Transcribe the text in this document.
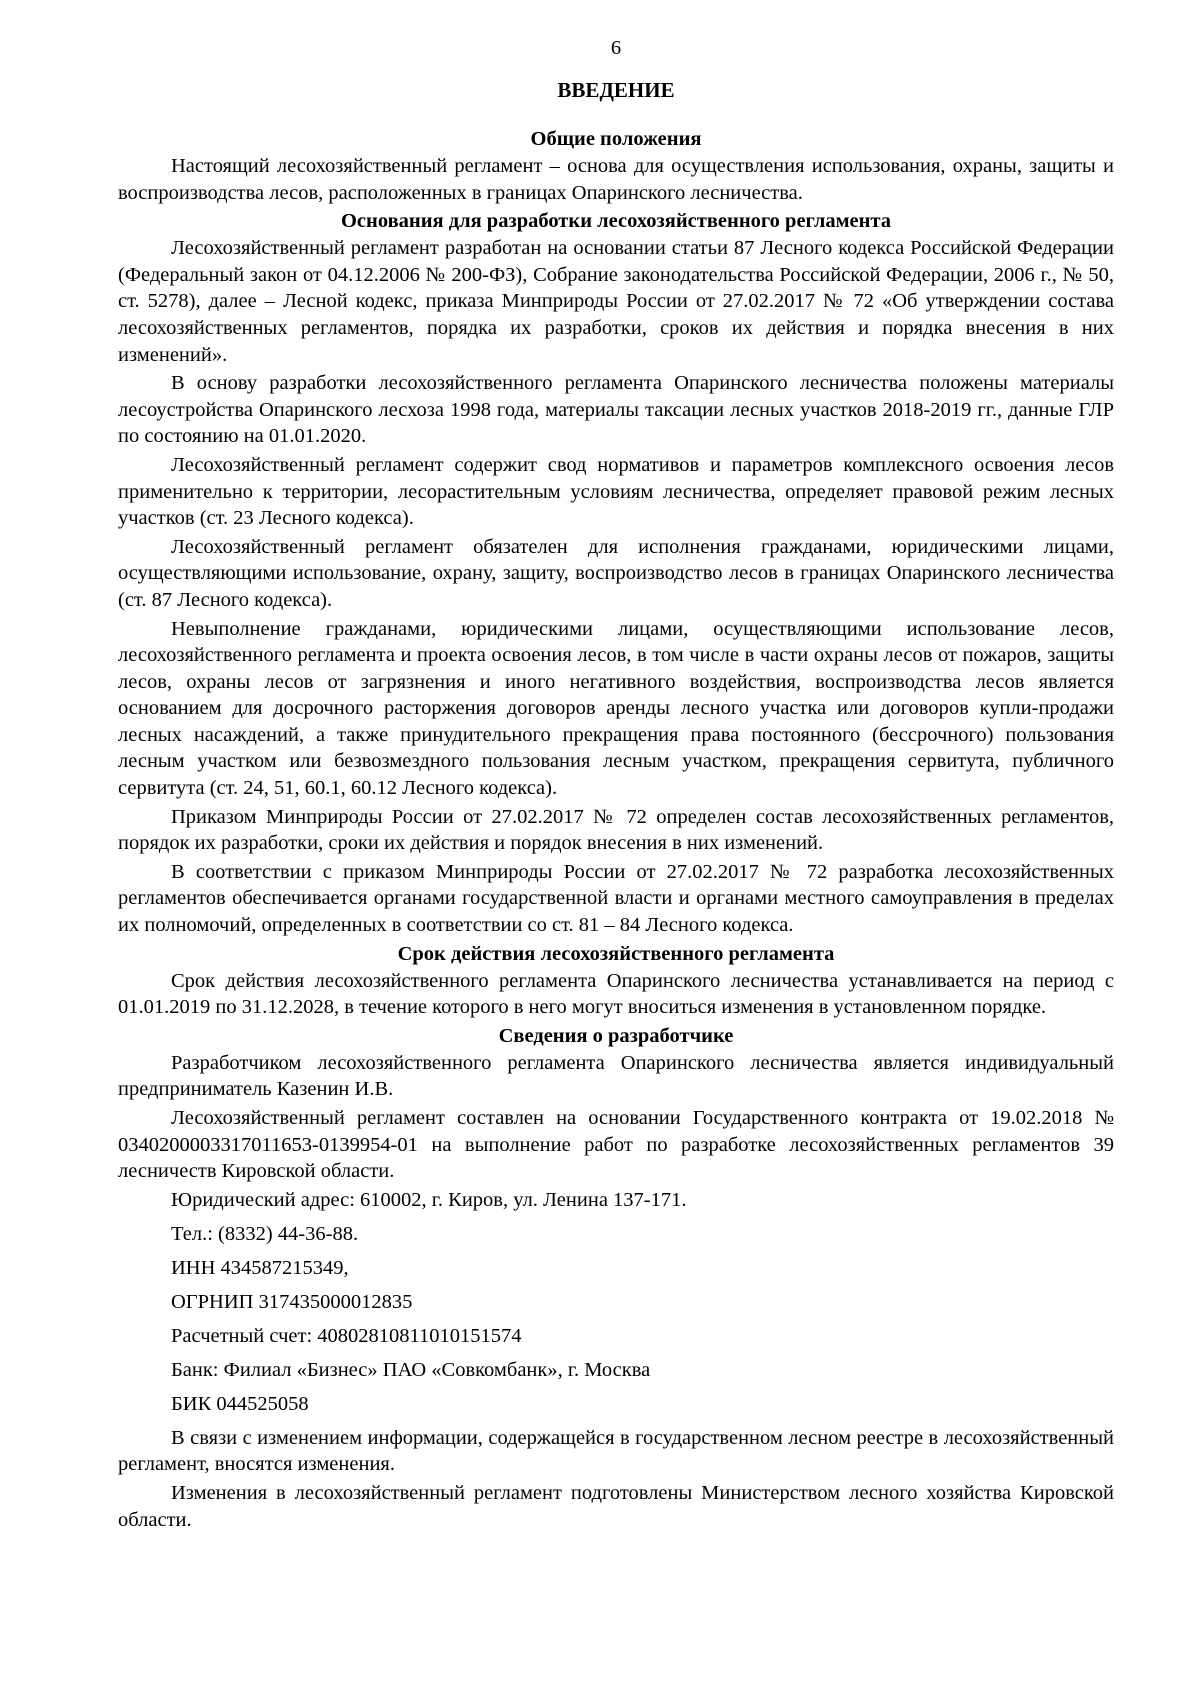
6
ВВЕДЕНИЕ
Общие положения

Настоящий лесохозяйственный регламент – основа для осуществления использования, охраны, защиты и воспроизводства лесов, расположенных в границах Опаринского лесничества.

Основания для разработки лесохозяйственного регламента

Лесохозяйственный регламент разработан на основании статьи 87 Лесного кодекса Российской Федерации (Федеральный закон от 04.12.2006 № 200-ФЗ), Собрание законодательства Российской Федерации, 2006 г., № 50, ст. 5278), далее – Лесной кодекс, приказа Минприроды России от 27.02.2017 № 72 «Об утверждении состава лесохозяйственных регламентов, порядка их разработки, сроков их действия и порядка внесения в них изменений».

В основу разработки лесохозяйственного регламента Опаринского лесничества положены материалы лесоустройства Опаринского лесхоза 1998 года, материалы таксации лесных участков 2018-2019 гг., данные ГЛР по состоянию на 01.01.2020.

Лесохозяйственный регламент содержит свод нормативов и параметров комплексного освоения лесов применительно к территории, лесорастительным условиям лесничества, определяет правовой режим лесных участков (ст. 23 Лесного кодекса).

Лесохозяйственный регламент обязателен для исполнения гражданами, юридическими лицами, осуществляющими использование, охрану, защиту, воспроизводство лесов в границах Опаринского лесничества (ст. 87 Лесного кодекса).

Невыполнение гражданами, юридическими лицами, осуществляющими использование лесов, лесохозяйственного регламента и проекта освоения лесов, в том числе в части охраны лесов от пожаров, защиты лесов, охраны лесов от загрязнения и иного негативного воздействия, воспроизводства лесов является основанием для досрочного расторжения договоров аренды лесного участка или договоров купли-продажи лесных насаждений, а также принудительного прекращения права постоянного (бессрочного) пользования лесным участком или безвозмездного пользования лесным участком, прекращения сервитута, публичного сервитута (ст. 24, 51, 60.1, 60.12 Лесного кодекса).

Приказом Минприроды России от 27.02.2017 № 72 определен состав лесохозяйственных регламентов, порядок их разработки, сроки их действия и порядок внесения в них изменений.

В соответствии с приказом Минприроды России от 27.02.2017 № 72 разработка лесохозяйственных регламентов обеспечивается органами государственной власти и органами местного самоуправления в пределах их полномочий, определенных в соответствии со ст. 81 – 84 Лесного кодекса.

Срок действия лесохозяйственного регламента

Срок действия лесохозяйственного регламента Опаринского лесничества устанавливается на период с 01.01.2019 по 31.12.2028, в течение которого в него могут вноситься изменения в установленном порядке.

Сведения о разработчике

Разработчиком лесохозяйственного регламента Опаринского лесничества является индивидуальный предприниматель Казенин И.В.

Лесохозяйственный регламент составлен на основании Государственного контракта от 19.02.2018 № 0340200003317011653-0139954-01 на выполнение работ по разработке лесохозяйственных регламентов 39 лесничеств Кировской области.

Юридический адрес: 610002, г. Киров, ул. Ленина 137-171.
Тел.: (8332) 44-36-88.
ИНН 434587215349,
ОГРНИП 317435000012835
Расчетный счет: 40802810811010151574
Банк: Филиал «Бизнес» ПАО «Совкомбанк», г. Москва
БИК 044525058

В связи с изменением информации, содержащейся в государственном лесном реестре в лесохозяйственный регламент, вносятся изменения.

Изменения в лесохозяйственный регламент подготовлены Министерством лесного хозяйства Кировской области.
